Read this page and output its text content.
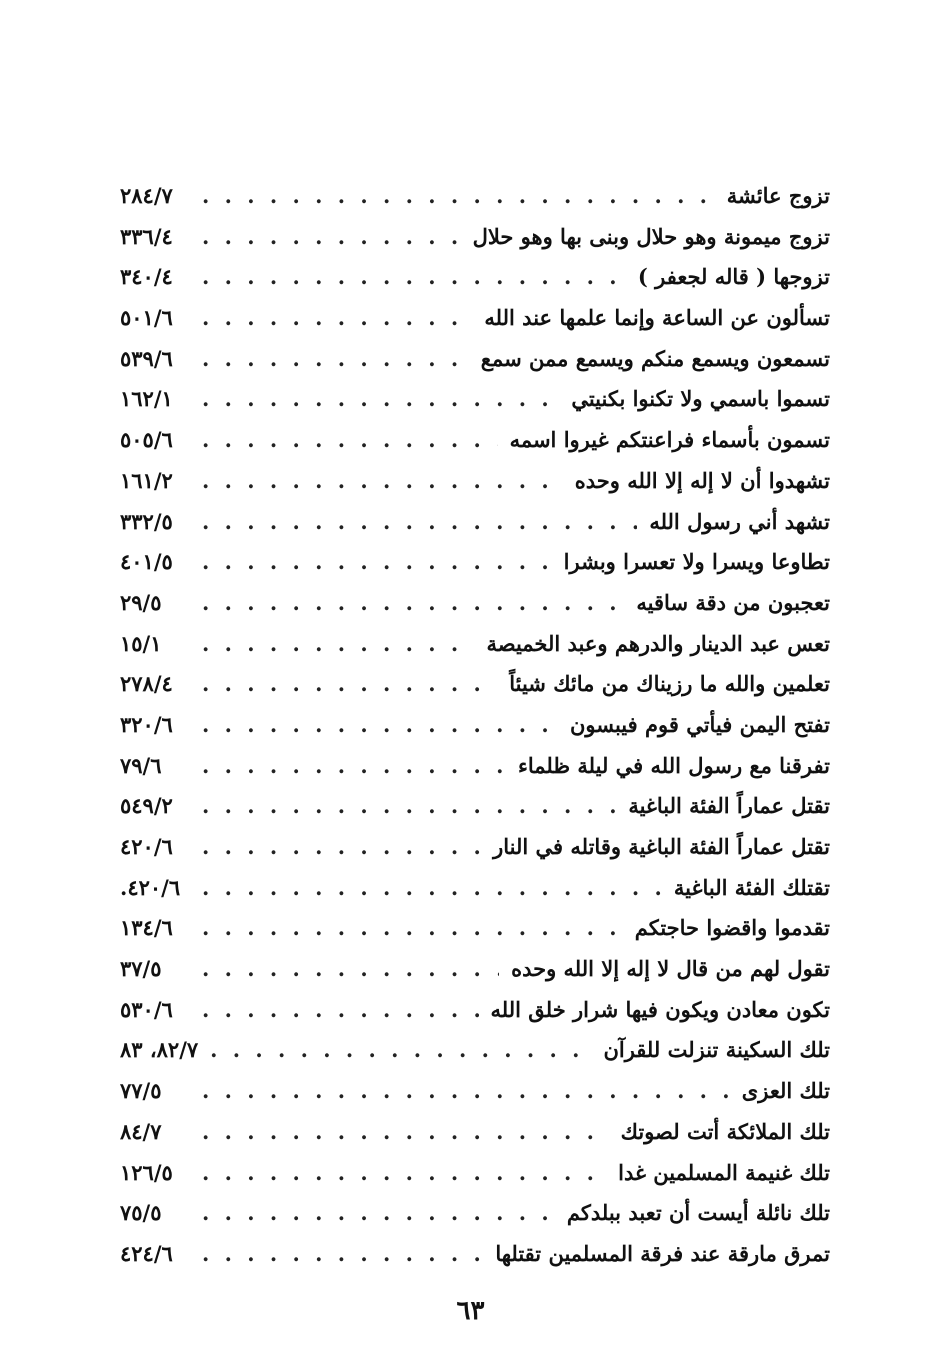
تزوج عائشة
. . .
٢٨٤/٧
تزوج ميمونة وهو حلال وبنى بها وهو حلال
. . .
٣٣٦/٤
تزوجها ( قاله لجعفر )
. . .
٣٤٠/٤
تسألون عن الساعة وإنما علمها عند الله
. . .
٥٠١/٦
تسمعون ويسمع منكم ويسمع ممن سمع
. . .
٥٣٩/٦
تسموا باسمي ولا تكنوا بكنيتي
. . .
١٦٢/١
تسمون بأسماء فراعنتكم غيروا اسمه
. . .
٥٠٥/٦
تشهدوا أن لا إله إلا الله وحده
. . .
١٦١/٢
تشهد أني رسول الله
. . .
٣٣٢/٥
تطاوعا ويسرا ولا تعسرا وبشرا
. . .
٤٠١/٥
تعجبون من دقة ساقيه
. . .
٢٩/٥
تعس عبد الدينار والدرهم وعبد الخميصة
. . .
١٥/١
تعلمين والله ما رزيناك من مائك شيئاً
. . .
٢٧٨/٤
تفتح اليمن فيأتي قوم فيبسون
. . .
٣٢٠/٦
تفرقنا مع رسول الله في ليلة ظلماء
. . .
٧٩/٦
تقتل عماراً الفئة الباغية
. . .
٥٤٩/٢
تقتل عماراً الفئة الباغية وقاتله في النار
. . .
٤٢٠/٦
تقتلك الفئة الباغية
. . .
٤٢٠/٦.
تقدموا واقضوا حاجتكم
. . .
١٣٤/٦
تقول لهم من قال لا إله إلا الله وحده
. . .
٣٧/٥
تكون معادن ويكون فيها شرار خلق الله
. . .
٥٣٠/٦
تلك السكينة تنزلت للقرآن
. . .
٨٢/٧، ٨٣
تلك العزى
. . .
٧٧/٥
تلك الملائكة أتت لصوتك
. . .
٨٤/٧
تلك غنيمة المسلمين غدا
. . .
١٢٦/٥
تلك نائلة أيست أن تعبد ببلدكم
. . .
٧٥/٥
تمرق مارقة عند فرقة المسلمين تقتلها
. . .
٤٢٤/٦
٦٣
